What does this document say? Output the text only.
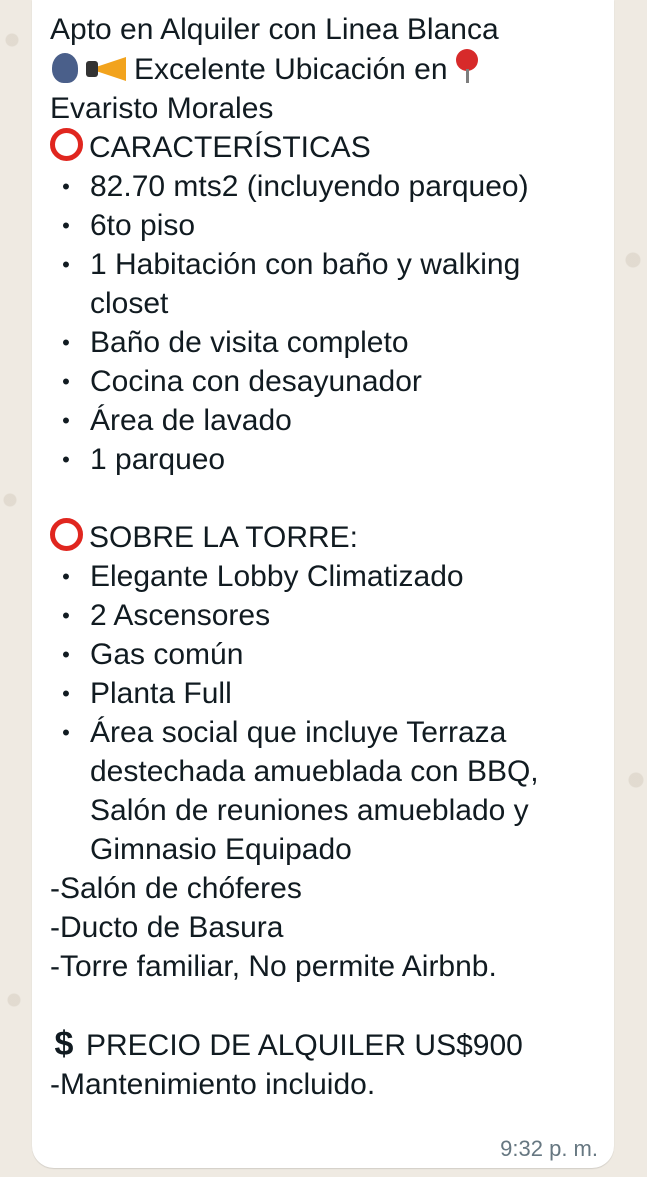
Apto en Alquiler con Linea Blanca
Excelente Ubicación en
Evaristo Morales
CARACTERÍSTICAS
• 82.70 mts2 (incluyendo parqueo)
• 6to piso
• 1 Habitación con baño y walking
closet
• Baño de visita completo
• Cocina con desayunador
• Área de lavado
• 1 parqueo
SOBRE LA TORRE:
• Elegante Lobby Climatizado
• 2 Ascensores
• Gas común
• Planta Full
• Área social que incluye Terraza
destechada amueblada con BBQ,
Salón de reuniones amueblado y
Gimnasio Equipado
-Salón de chóferes
-Ducto de Basura
-Torre familiar, No permite Airbnb.
$ PRECIO DE ALQUILER US$900
-Mantenimiento incluido.
9:32 p. m.
